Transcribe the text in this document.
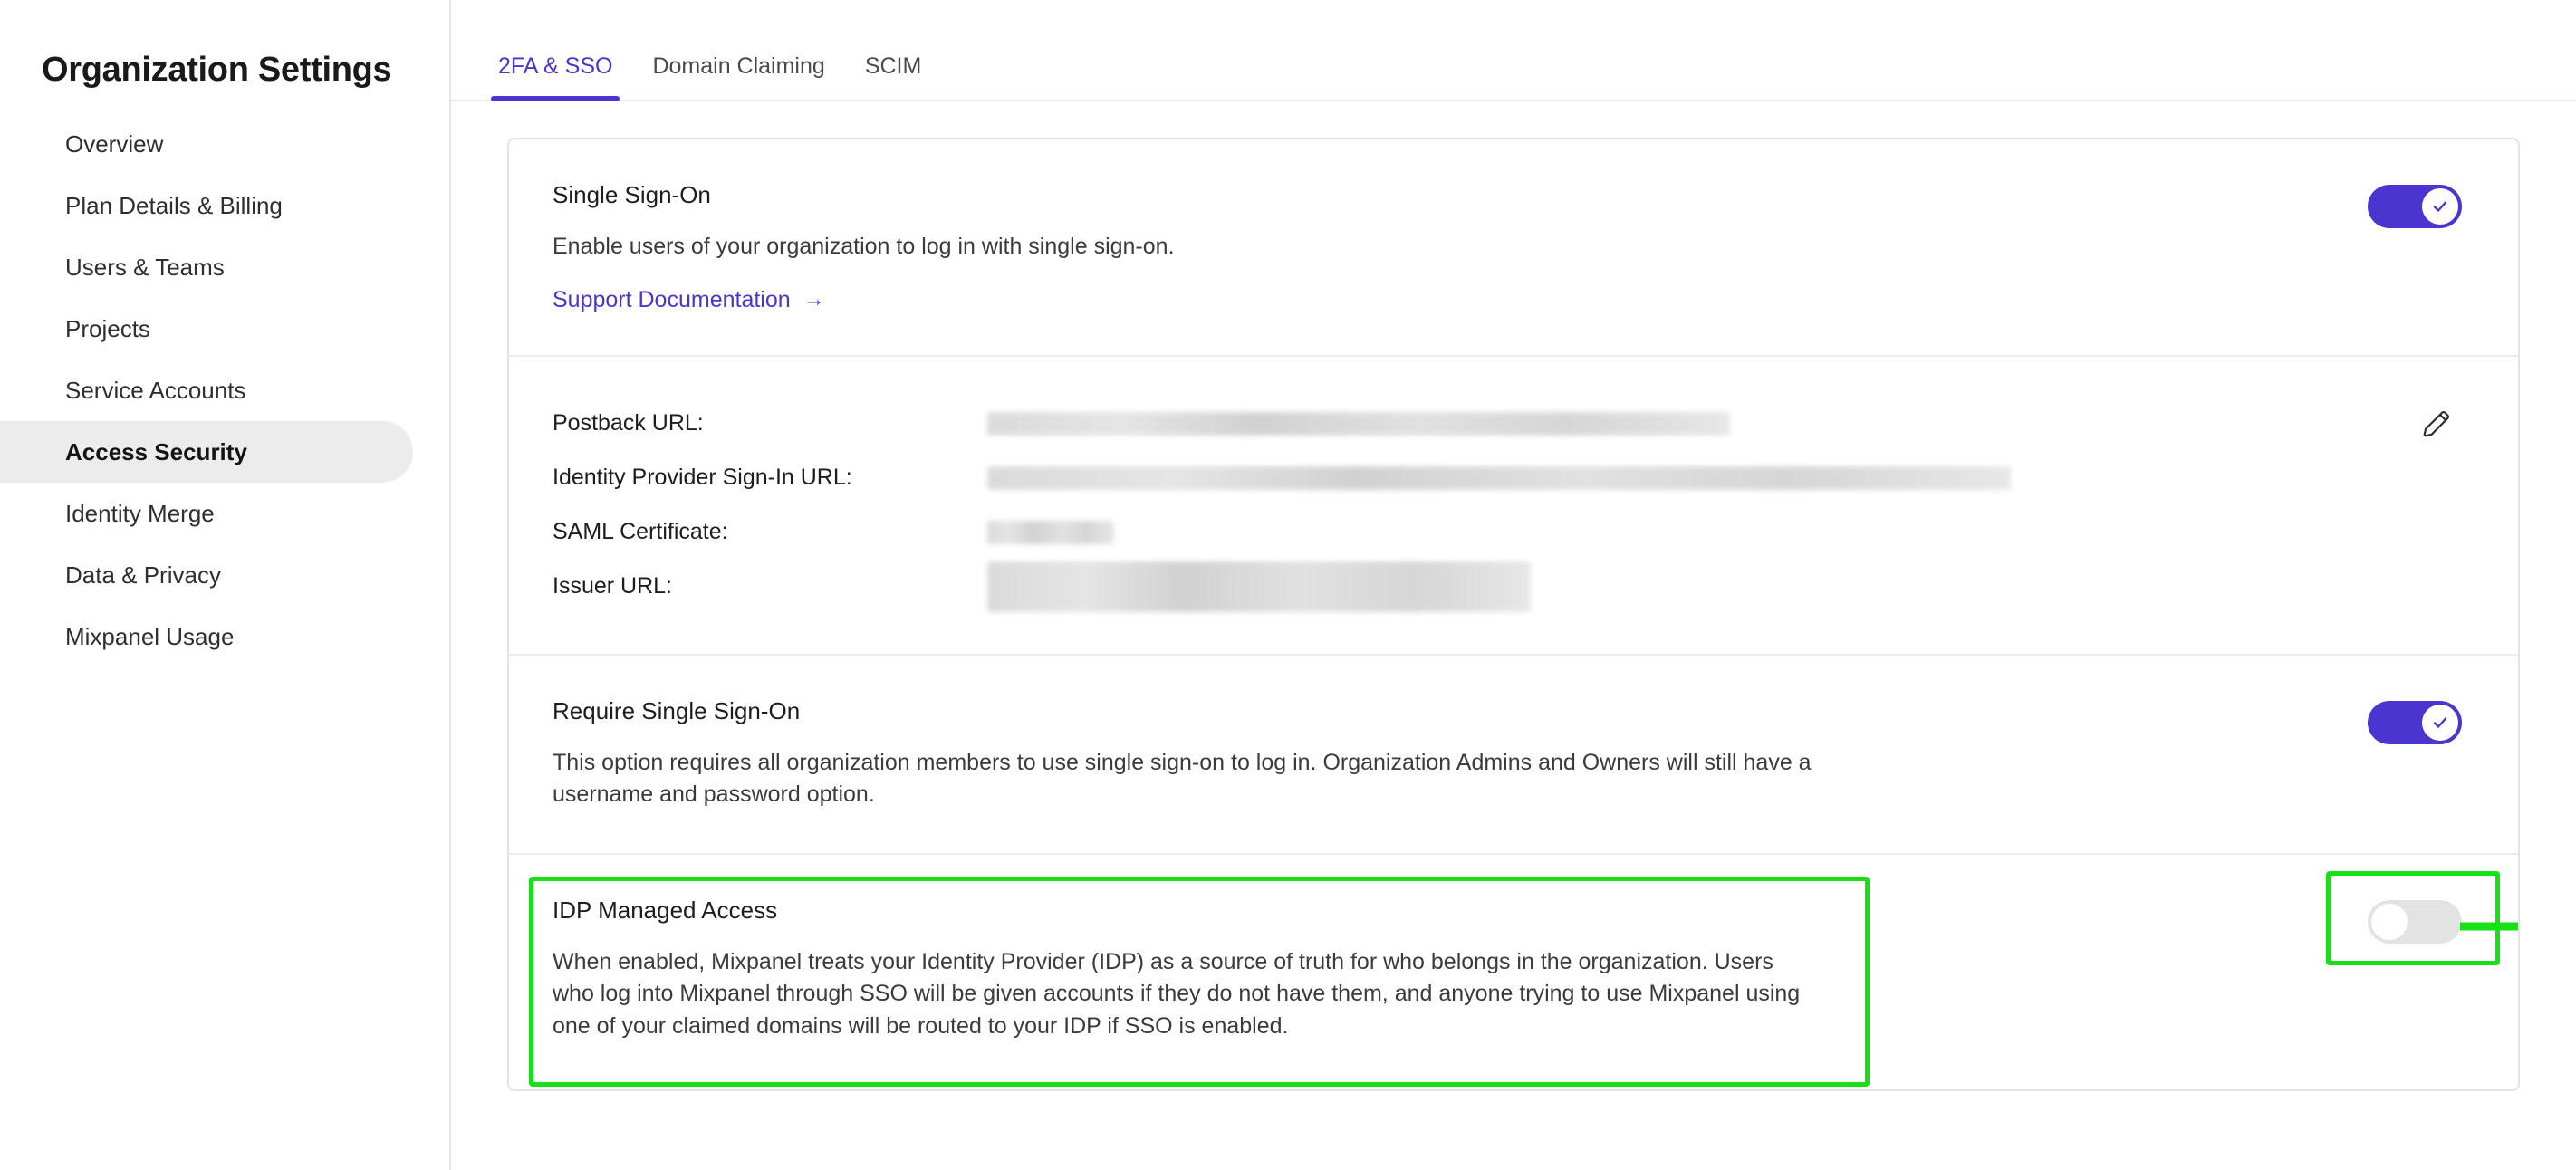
Organization Settings
Overview
Plan Details & Billing
Users & Teams
Projects
Service Accounts
Access Security
Identity Merge
Data & Privacy
Mixpanel Usage
2FA & SSO	Domain Claiming	SCIM
Single Sign-On
Enable users of your organization to log in with single sign-on.
Support Documentation →
Postback URL:
Identity Provider Sign-In URL:
SAML Certificate:
Issuer URL:
Require Single Sign-On
This option requires all organization members to use single sign-on to log in. Organization Admins and Owners will still have a username and password option.
IDP Managed Access
When enabled, Mixpanel treats your Identity Provider (IDP) as a source of truth for who belongs in the organization. Users who log into Mixpanel through SSO will be given accounts if they do not have them, and anyone trying to use Mixpanel using one of your claimed domains will be routed to your IDP if SSO is enabled.
